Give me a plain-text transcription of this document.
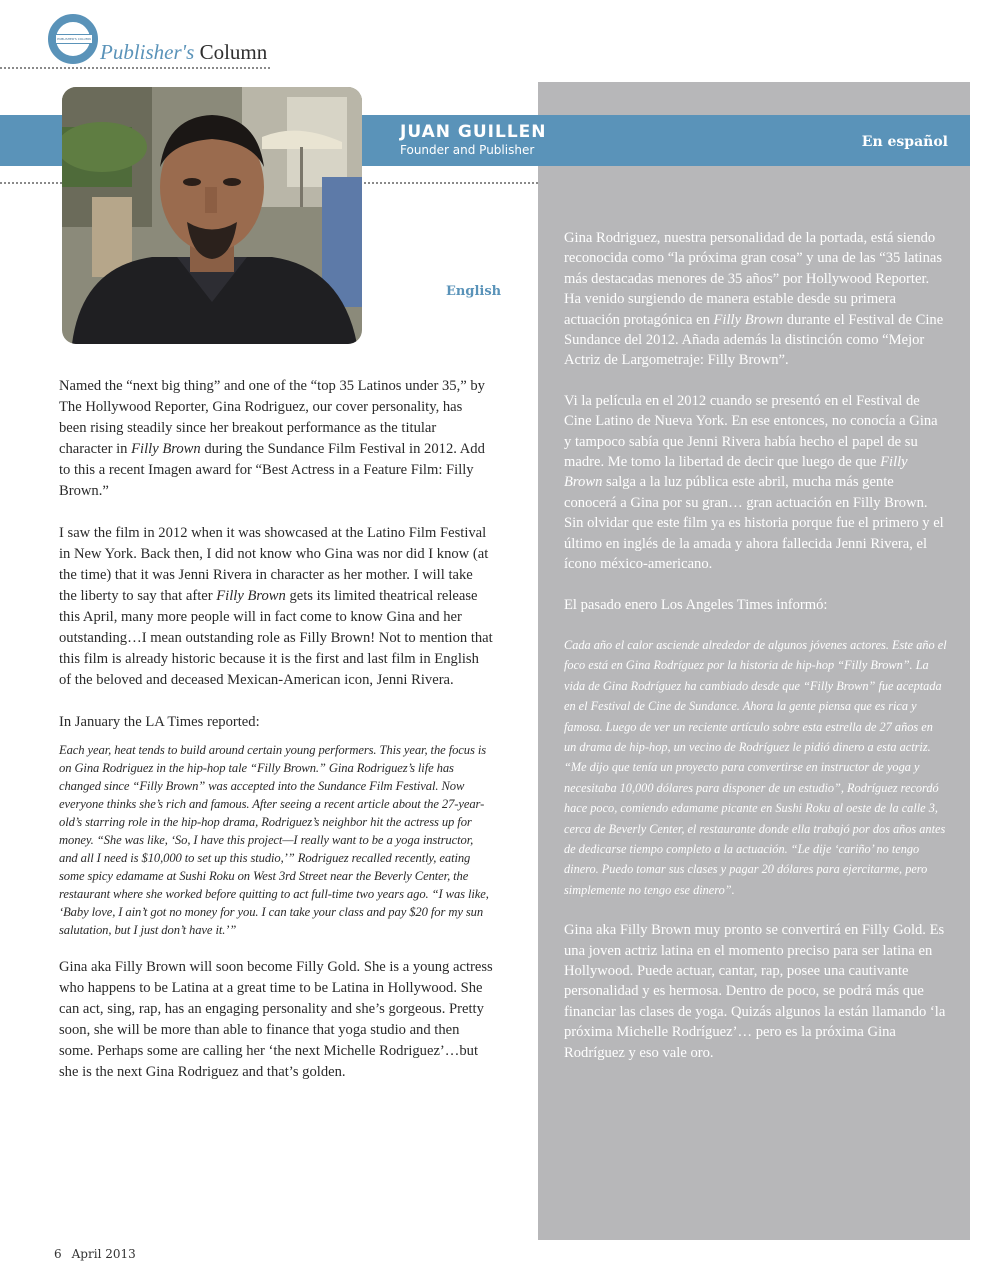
PUBLISHER'S COLUMN
Publisher's Column
JUAN GUILLEN
Founder and Publisher	En español
English

Named the “next big thing” and one of the “top 35 Latinos under 35,” by The Hollywood Reporter, Gina Rodriguez, our cover personality, has been rising steadily since her breakout performance as the titular character in Filly Brown during the Sundance Film Festival in 2012. Add to this a recent Imagen award for “Best Actress in a Feature Film: Filly Brown.”

I saw the film in 2012 when it was showcased at the Latino Film Festival in New York. Back then, I did not know who Gina was nor did I know (at the time) that it was Jenni Rivera in character as her mother. I will take the liberty to say that after Filly Brown gets its limited theatrical release this April, many more people will in fact come to know Gina and her outstanding…I mean outstanding role as Filly Brown! Not to mention that this film is already historic because it is the first and last film in English of the beloved and deceased Mexican-American icon, Jenni Rivera.

In January the LA Times reported:

Each year, heat tends to build around certain young performers. This year, the focus is on Gina Rodriguez in the hip-hop tale “Filly Brown.” Gina Rodriguez’s life has changed since “Filly Brown” was accepted into the Sundance Film Festival. Now everyone thinks she’s rich and famous. After seeing a recent article about the 27-year-old’s starring role in the hip-hop drama, Rodriguez’s neighbor hit the actress up for money. “She was like, ‘So, I have this project—I really want to be a yoga instructor, and all I need is $10,000 to set up this studio,’” Rodriguez recalled recently, eating some spicy edamame at Sushi Roku on West 3rd Street near the Beverly Center, the restaurant where she worked before quitting to act full-time two years ago. “I was like, ‘Baby love, I ain’t got no money for you. I can take your class and pay $20 for my sun salutation, but I just don’t have it.’”

Gina aka Filly Brown will soon become Filly Gold. She is a young actress who happens to be Latina at a great time to be Latina in Hollywood. She can act, sing, rap, has an engaging personality and she’s gorgeous. Pretty soon, she will be more than able to finance that yoga studio and then some. Perhaps some are calling her ‘the next Michelle Rodriguez’…but she is the next Gina Rodriguez and that’s golden.

Gina Rodriguez, nuestra personalidad de la portada, está siendo reconocida como “la próxima gran cosa” y una de las “35 latinas más destacadas menores de 35 años” por Hollywood Reporter. Ha venido surgiendo de manera estable desde su primera actuación protagónica en Filly Brown durante el Festival de Cine Sundance del 2012. Añada además la distinción como “Mejor Actriz de Largometraje: Filly Brown”.

Vi la película en el 2012 cuando se presentó en el Festival de Cine Latino de Nueva York. En ese entonces, no conocía a Gina y tampoco sabía que Jenni Rivera había hecho el papel de su madre. Me tomo la libertad de decir que luego de que Filly Brown salga a la luz pública este abril, mucha más gente conocerá a Gina por su gran… gran actuación en Filly Brown. Sin olvidar que este film ya es historia porque fue el primero y el último en inglés de la amada y ahora fallecida Jenni Rivera, el ícono méxico-americano.

El pasado enero Los Angeles Times informó:

Cada año el calor asciende alrededor de algunos jóvenes actores. Este año el foco está en Gina Rodríguez por la historia de hip-hop “Filly Brown”. La vida de Gina Rodríguez ha cambiado desde que “Filly Brown” fue aceptada en el Festival de Cine de Sundance. Ahora la gente piensa que es rica y famosa. Luego de ver un reciente artículo sobre esta estrella de 27 años en un drama de hip-hop, un vecino de Rodríguez le pidió dinero a esta actriz. “Me dijo que tenía un proyecto para convertirse en instructor de yoga y necesitaba 10,000 dólares para disponer de un estudio”, Rodríguez recordó hace poco, comiendo edamame picante en Sushi Roku al oeste de la calle 3, cerca de Beverly Center, el restaurante donde ella trabajó por dos años antes de dedicarse tiempo completo a la actuación. “Le dije ‘cariño’ no tengo dinero. Puedo tomar sus clases y pagar 20 dólares para ejercitarme, pero simplemente no tengo ese dinero”.

Gina aka Filly Brown muy pronto se convertirá en Filly Gold. Es una joven actriz latina en el momento preciso para ser latina en Hollywood. Puede actuar, cantar, rap, posee una cautivante personalidad y es hermosa. Dentro de poco, se podrá más que financiar las clases de yoga. Quizás algunos la están llamando ‘la próxima Michelle Rodríguez’… pero es la próxima Gina Rodríguez y eso vale oro.

6 April 2013
